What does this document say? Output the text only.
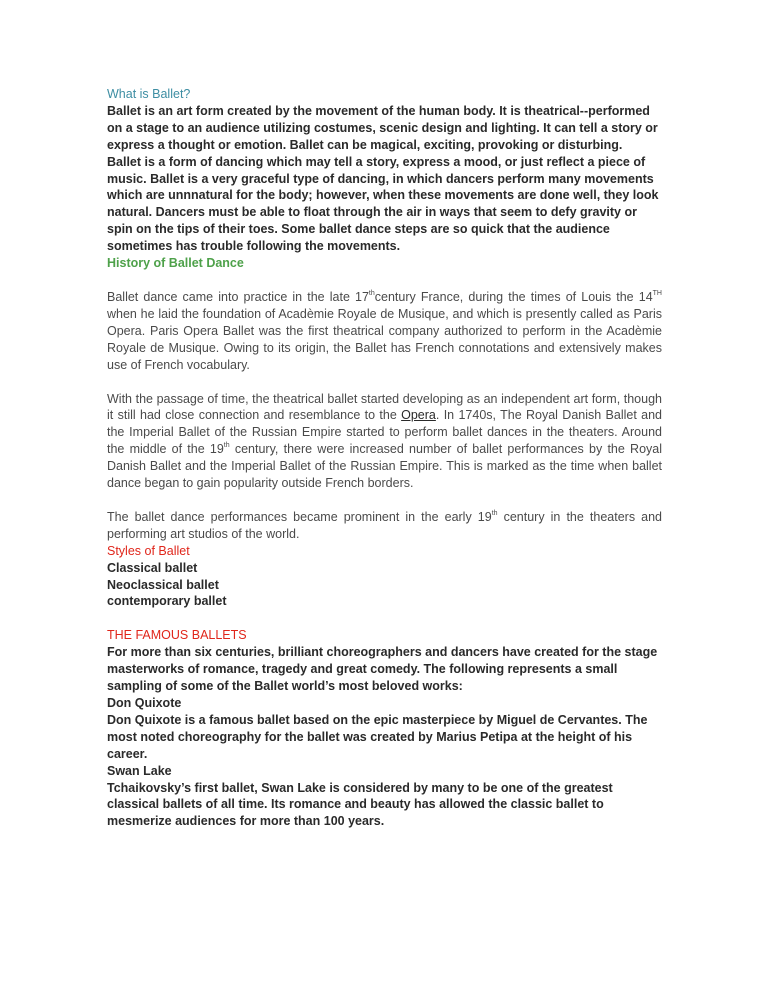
What is Ballet?

Ballet is an art form created by the movement of the human body. It is theatrical--performed on a stage to an audience utilizing costumes, scenic design and lighting. It can tell a story or express a thought or emotion. Ballet can be magical, exciting, provoking or disturbing.

Ballet is a form of dancing which may tell a story, express a mood, or just reflect a piece of music. Ballet is a very graceful type of dancing, in which dancers perform many movements which are unnnatural for the body; however, when these movements are done well, they look natural. Dancers must be able to float through the air in ways that seem to defy gravity or spin on the tips of their toes. Some ballet dance steps are so quick that the audience sometimes has trouble following the movements.

History of Ballet Dance

Ballet dance came into practice in the late 17thcentury France, during the times of Louis the 14TH when he laid the foundation of Acadèmie Royale de Musique, and which is presently called as Paris Opera. Paris Opera Ballet was the first theatrical company authorized to perform in the Acadèmie Royale de Musique. Owing to its origin, the Ballet has French connotations and extensively makes use of French vocabulary.

With the passage of time, the theatrical ballet started developing as an independent art form, though it still had close connection and resemblance to the Opera. In 1740s, The Royal Danish Ballet and the Imperial Ballet of the Russian Empire started to perform ballet dances in the theaters. Around the middle of the 19th century, there were increased number of ballet performances by the Royal Danish Ballet and the Imperial Ballet of the Russian Empire. This is marked as the time when ballet dance began to gain popularity outside French borders.

The ballet dance performances became prominent in the early 19th century in the theaters and performing art studios of the world.

Styles of Ballet

Classical ballet

Neoclassical ballet

contemporary ballet

THE FAMOUS BALLETS

For more than six centuries, brilliant choreographers and dancers have created for the stage masterworks of romance, tragedy and great comedy. The following represents a small sampling of some of the Ballet world’s most beloved works:

Don Quixote

Don Quixote is a famous ballet based on the epic masterpiece by Miguel de Cervantes. The most noted choreography for the ballet was created by Marius Petipa at the height of his career.

Swan Lake

Tchaikovsky’s first ballet, Swan Lake is considered by many to be one of the greatest classical ballets of all time. Its romance and beauty has allowed the classic ballet to mesmerize audiences for more than 100 years.
